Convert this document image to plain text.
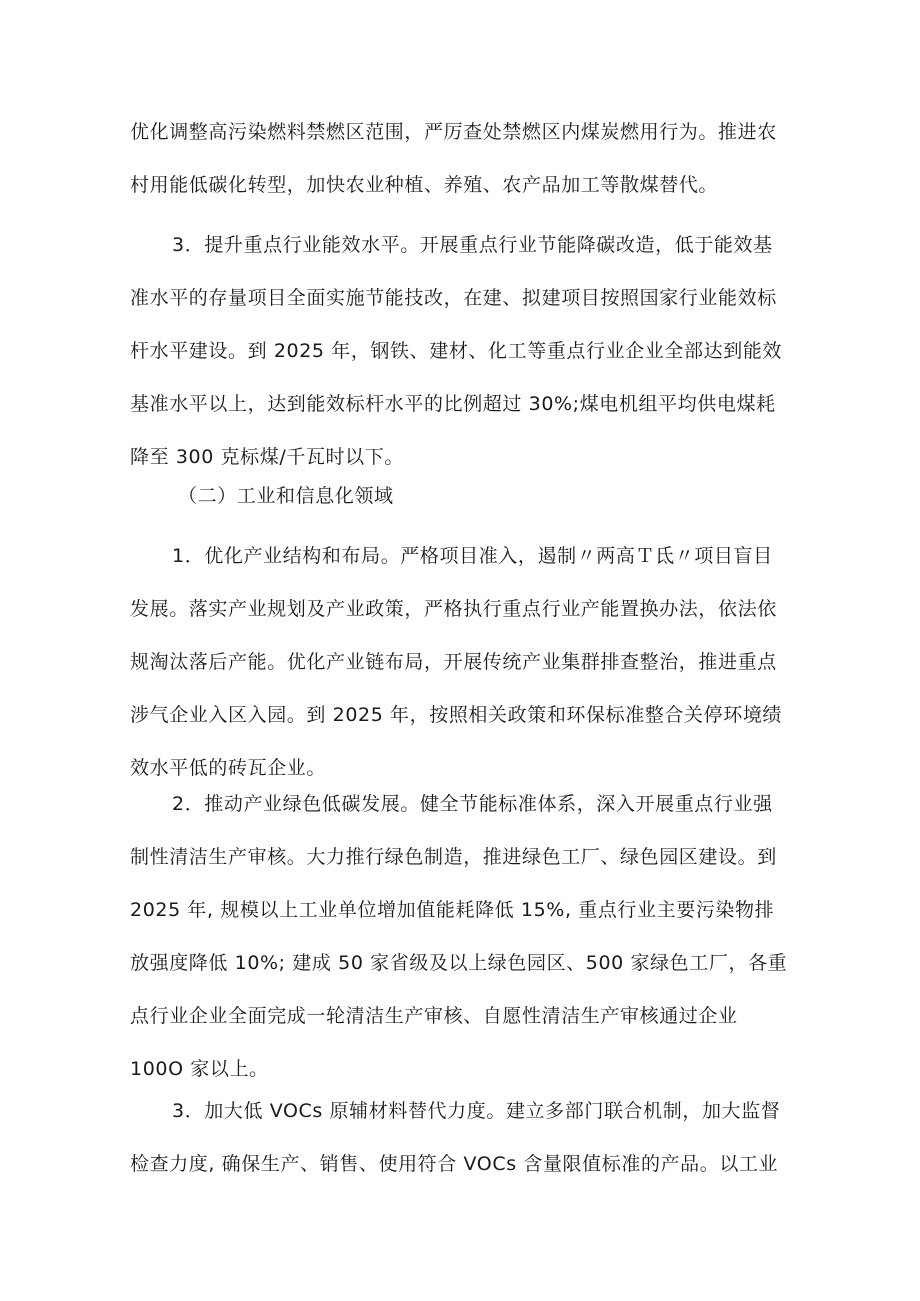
优化调整高污染燃料禁燃区范围，严厉查处禁燃区内煤炭燃用行为。推进农
村用能低碳化转型，加快农业种植、养殖、农产品加工等散煤替代。

3．提升重点行业能效水平。开展重点行业节能降碳改造，低于能效基
准水平的存量项目全面实施节能技改，在建、拟建项目按照国家行业能效标
杆水平建设。到 2025 年，钢铁、建材、化工等重点行业企业全部达到能效
基准水平以上，达到能效标杆水平的比例超过 30%;煤电机组平均供电煤耗
降至 300 克标煤/千瓦时以下。

（二）工业和信息化领域

1．优化产业结构和布局。严格项目准入，遏制〃两高Ｔ氐〃项目盲目
发展。落实产业规划及产业政策，严格执行重点行业产能置换办法，依法依
规淘汰落后产能。优化产业链布局，开展传统产业集群排查整治，推进重点
涉气企业入区入园。到 2025 年，按照相关政策和环保标准整合关停环境绩
效水平低的砖瓦企业。

2．推动产业绿色低碳发展。健全节能标准体系，深入开展重点行业强
制性清洁生产审核。大力推行绿色制造，推进绿色工厂、绿色园区建设。到
2025 年, 规模以上工业单位增加值能耗降低 15%, 重点行业主要污染物排
放强度降低 10%; 建成 50 家省级及以上绿色园区、500 家绿色工厂，各重
点行业企业全面完成一轮清洁生产审核、自愿性清洁生产审核通过企业
100O 家以上。

3．加大低 VOCs 原辅材料替代力度。建立多部门联合机制，加大监督
检查力度, 确保生产、销售、使用符合 VOCs 含量限值标准的产品。以工业
